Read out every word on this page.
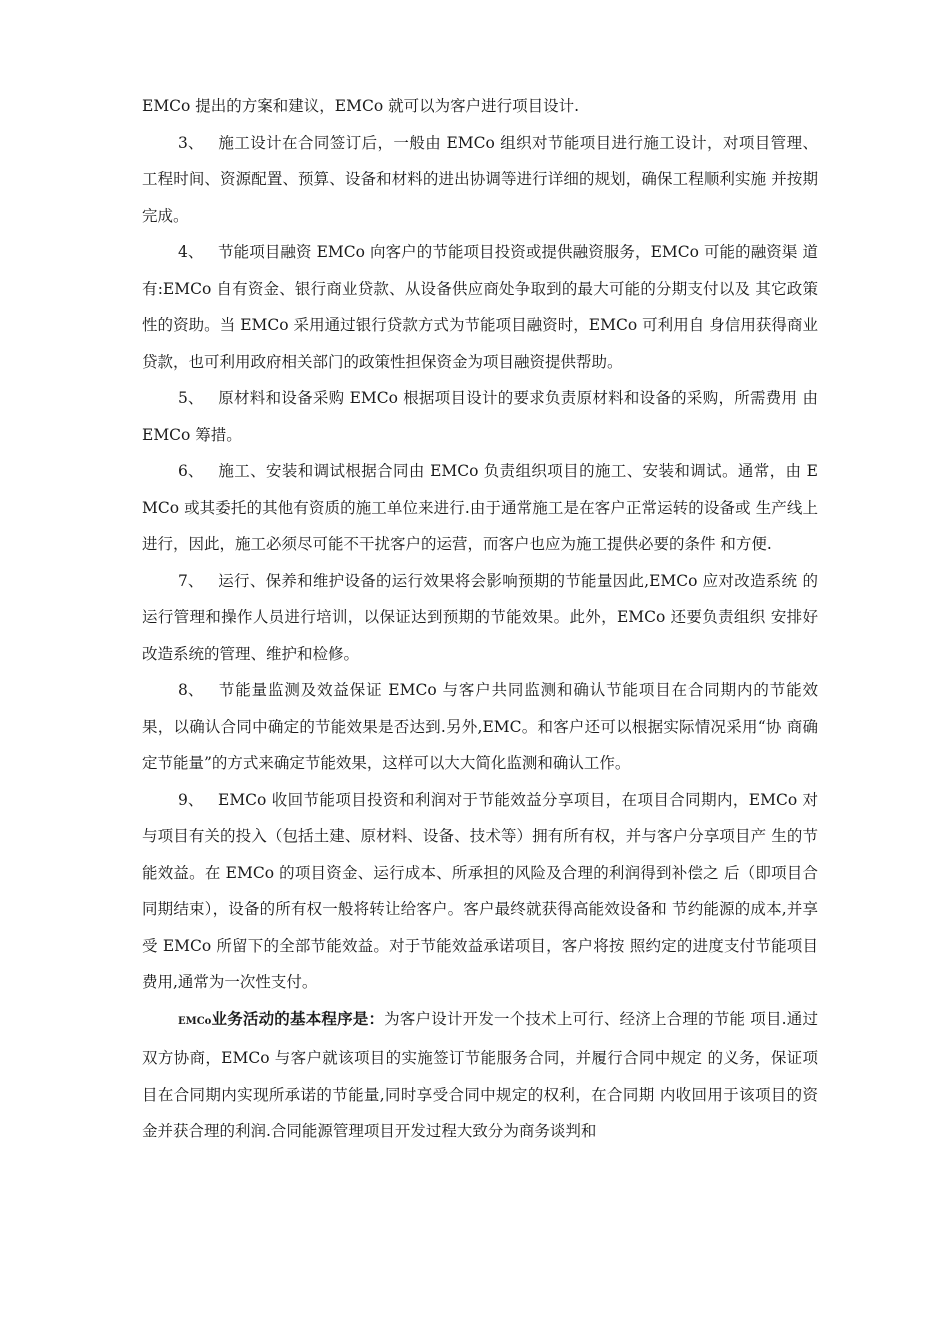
EMCo 提出的方案和建议，EMCo 就可以为客户进行项目设计.

3、 施工设计在合同签订后，一般由 EMCo 组织对节能项目进行施工设计，对项目管理、 工程时间、资源配置、预算、设备和材料的进出协调等进行详细的规划，确保工程顺利实施 并按期完成。

4、 节能项目融资 EMCo 向客户的节能项目投资或提供融资服务，EMCo 可能的融资渠 道有:EMCo 自有资金、银行商业贷款、从设备供应商处争取到的最大可能的分期支付以及 其它政策性的资助。当 EMCo 采用通过银行贷款方式为节能项目融资时，EMCo 可利用自 身信用获得商业贷款，也可利用政府相关部门的政策性担保资金为项目融资提供帮助。

5、 原材料和设备采购 EMCo 根据项目设计的要求负责原材料和设备的采购，所需费用 由 EMCo 筹措。

6、 施工、安装和调试根据合同由 EMCo 负责组织项目的施工、安装和调试。通常，由 EMCo 或其委托的其他有资质的施工单位来进行.由于通常施工是在客户正常运转的设备或 生产线上进行，因此，施工必须尽可能不干扰客户的运营，而客户也应为施工提供必要的条件 和方便.

7、 运行、保养和维护设备的运行效果将会影响预期的节能量因此,EMCo 应对改造系统 的运行管理和操作人员进行培训，以保证达到预期的节能效果。此外，EMCo 还要负责组织 安排好改造系统的管理、维护和检修。

8、 节能量监测及效益保证 EMCo 与客户共同监测和确认节能项目在合同期内的节能效 果，以确认合同中确定的节能效果是否达到.另外,EMC。和客户还可以根据实际情况采用“协 商确定节能量”的方式来确定节能效果，这样可以大大简化监测和确认工作。

9、 EMCo 收回节能项目投资和利润对于节能效益分享项目，在项目合同期内，EMCo 对 与项目有关的投入（包括土建、原材料、设备、技术等）拥有所有权，并与客户分享项目产 生的节能效益。在 EMCo 的项目资金、运行成本、所承担的风险及合理的利润得到补偿之 后（即项目合同期结束），设备的所有权一般将转让给客户。客户最终就获得高能效设备和 节约能源的成本,并享受 EMCo 所留下的全部节能效益。对于节能效益承诺项目，客户将按 照约定的进度支付节能项目费用,通常为一次性支付。

EMCo业务活动的基本程序是：为客户设计开发一个技术上可行、经济上合理的节能 项目.通过双方协商，EMCo 与客户就该项目的实施签订节能服务合同，并履行合同中规定 的义务，保证项目在合同期内实现所承诺的节能量,同时享受合同中规定的权利，在合同期 内收回用于该项目的资金并获合理的利润.合同能源管理项目开发过程大致分为商务谈判和
